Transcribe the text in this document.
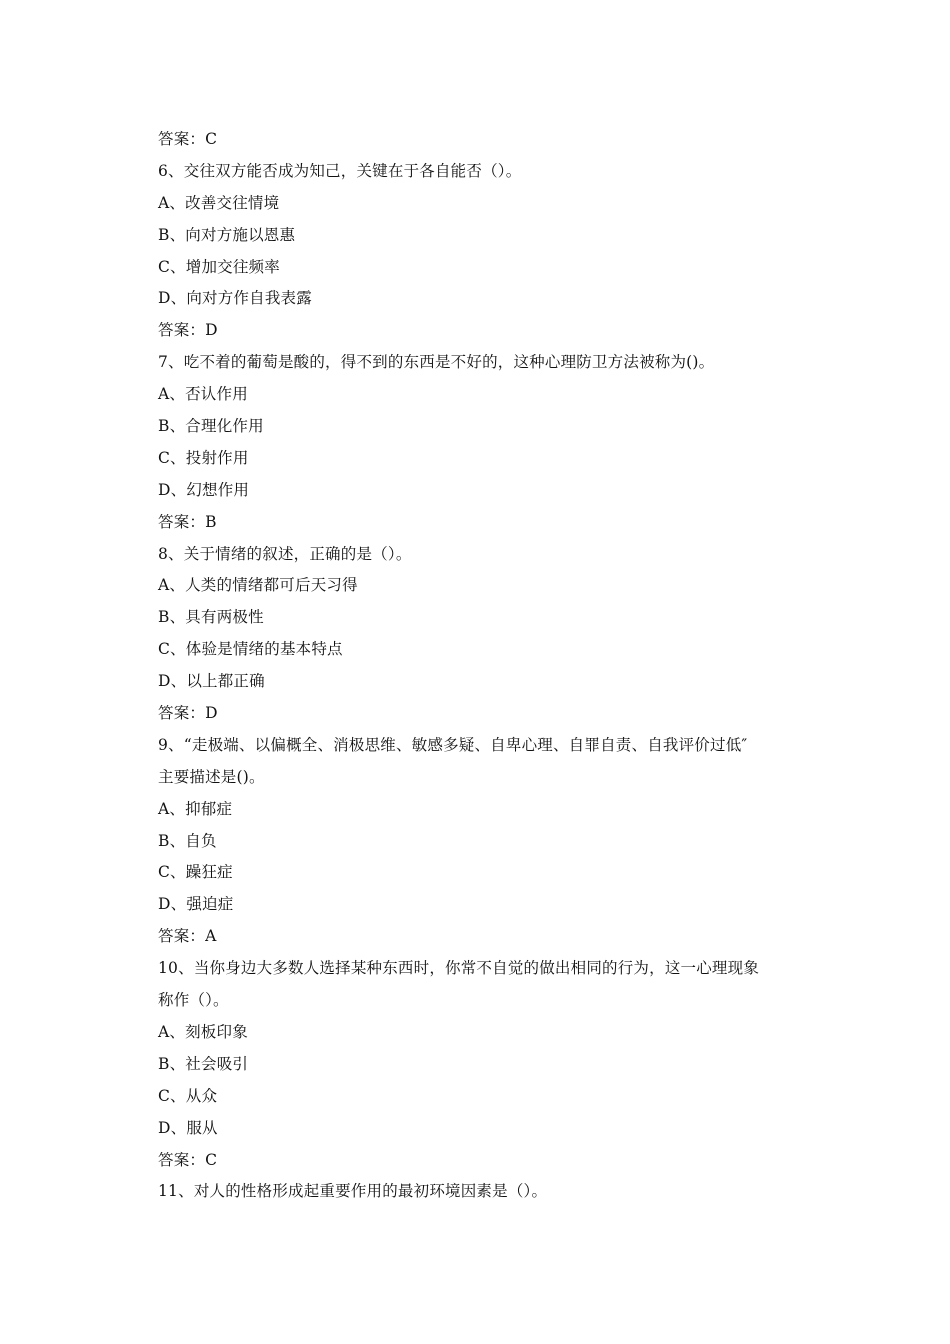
答案：C
6、交往双方能否成为知己，关键在于各自能否（）。
A、改善交往情境
B、向对方施以恩惠
C、增加交往频率
D、向对方作自我表露
答案：D
7、吃不着的葡萄是酸的，得不到的东西是不好的，这种心理防卫方法被称为()。
A、否认作用
B、合理化作用
C、投射作用
D、幻想作用
答案：B
8、关于情绪的叙述，正确的是（）。
A、人类的情绪都可后天习得
B、具有两极性
C、体验是情绪的基本特点
D、以上都正确
答案：D
9、“走极端、以偏概全、消极思维、敏感多疑、自卑心理、自罪自责、自我评价过低″
主要描述是()。
A、抑郁症
B、自负
C、躁狂症
D、强迫症
答案：A
10、当你身边大多数人选择某种东西时，你常不自觉的做出相同的行为，这一心理现象
称作（）。
A、刻板印象
B、社会吸引
C、从众
D、服从
答案：C
11、对人的性格形成起重要作用的最初环境因素是（）。
